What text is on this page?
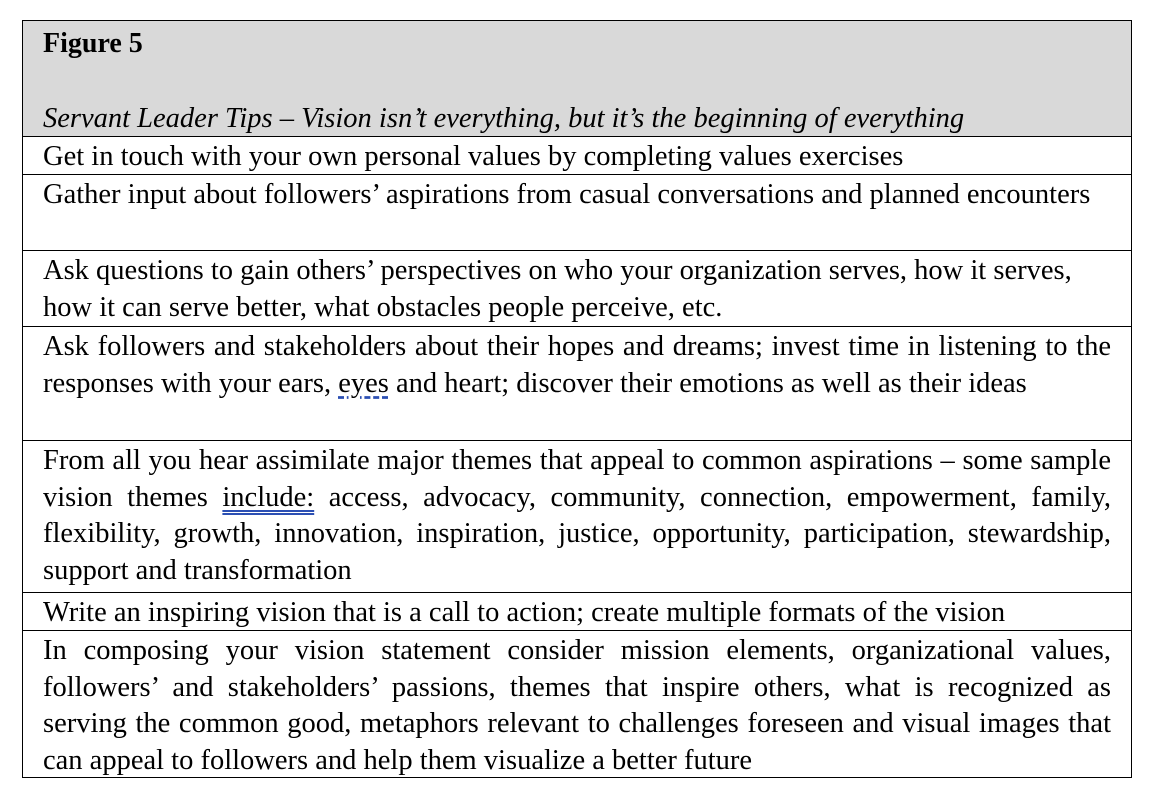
Figure 5

Servant Leader Tips – Vision isn’t everything, but it’s the beginning of everything

Get in touch with your own personal values by completing values exercises
Gather input about followers’ aspirations from casual conversations and planned encounters
Ask questions to gain others’ perspectives on who your organization serves, how it serves, how it can serve better, what obstacles people perceive, etc.
Ask followers and stakeholders about their hopes and dreams; invest time in listening to the responses with your ears, eyes and heart; discover their emotions as well as their ideas
From all you hear assimilate major themes that appeal to common aspirations – some sample vision themes include: access, advocacy, community, connection, empowerment, family, flexibility, growth, innovation, inspiration, justice, opportunity, participation, stewardship, support and transformation
Write an inspiring vision that is a call to action; create multiple formats of the vision
In composing your vision statement consider mission elements, organizational values, followers’ and stakeholders’ passions, themes that inspire others, what is recognized as serving the common good, metaphors relevant to challenges foreseen and visual images that can appeal to followers and help them visualize a better future
